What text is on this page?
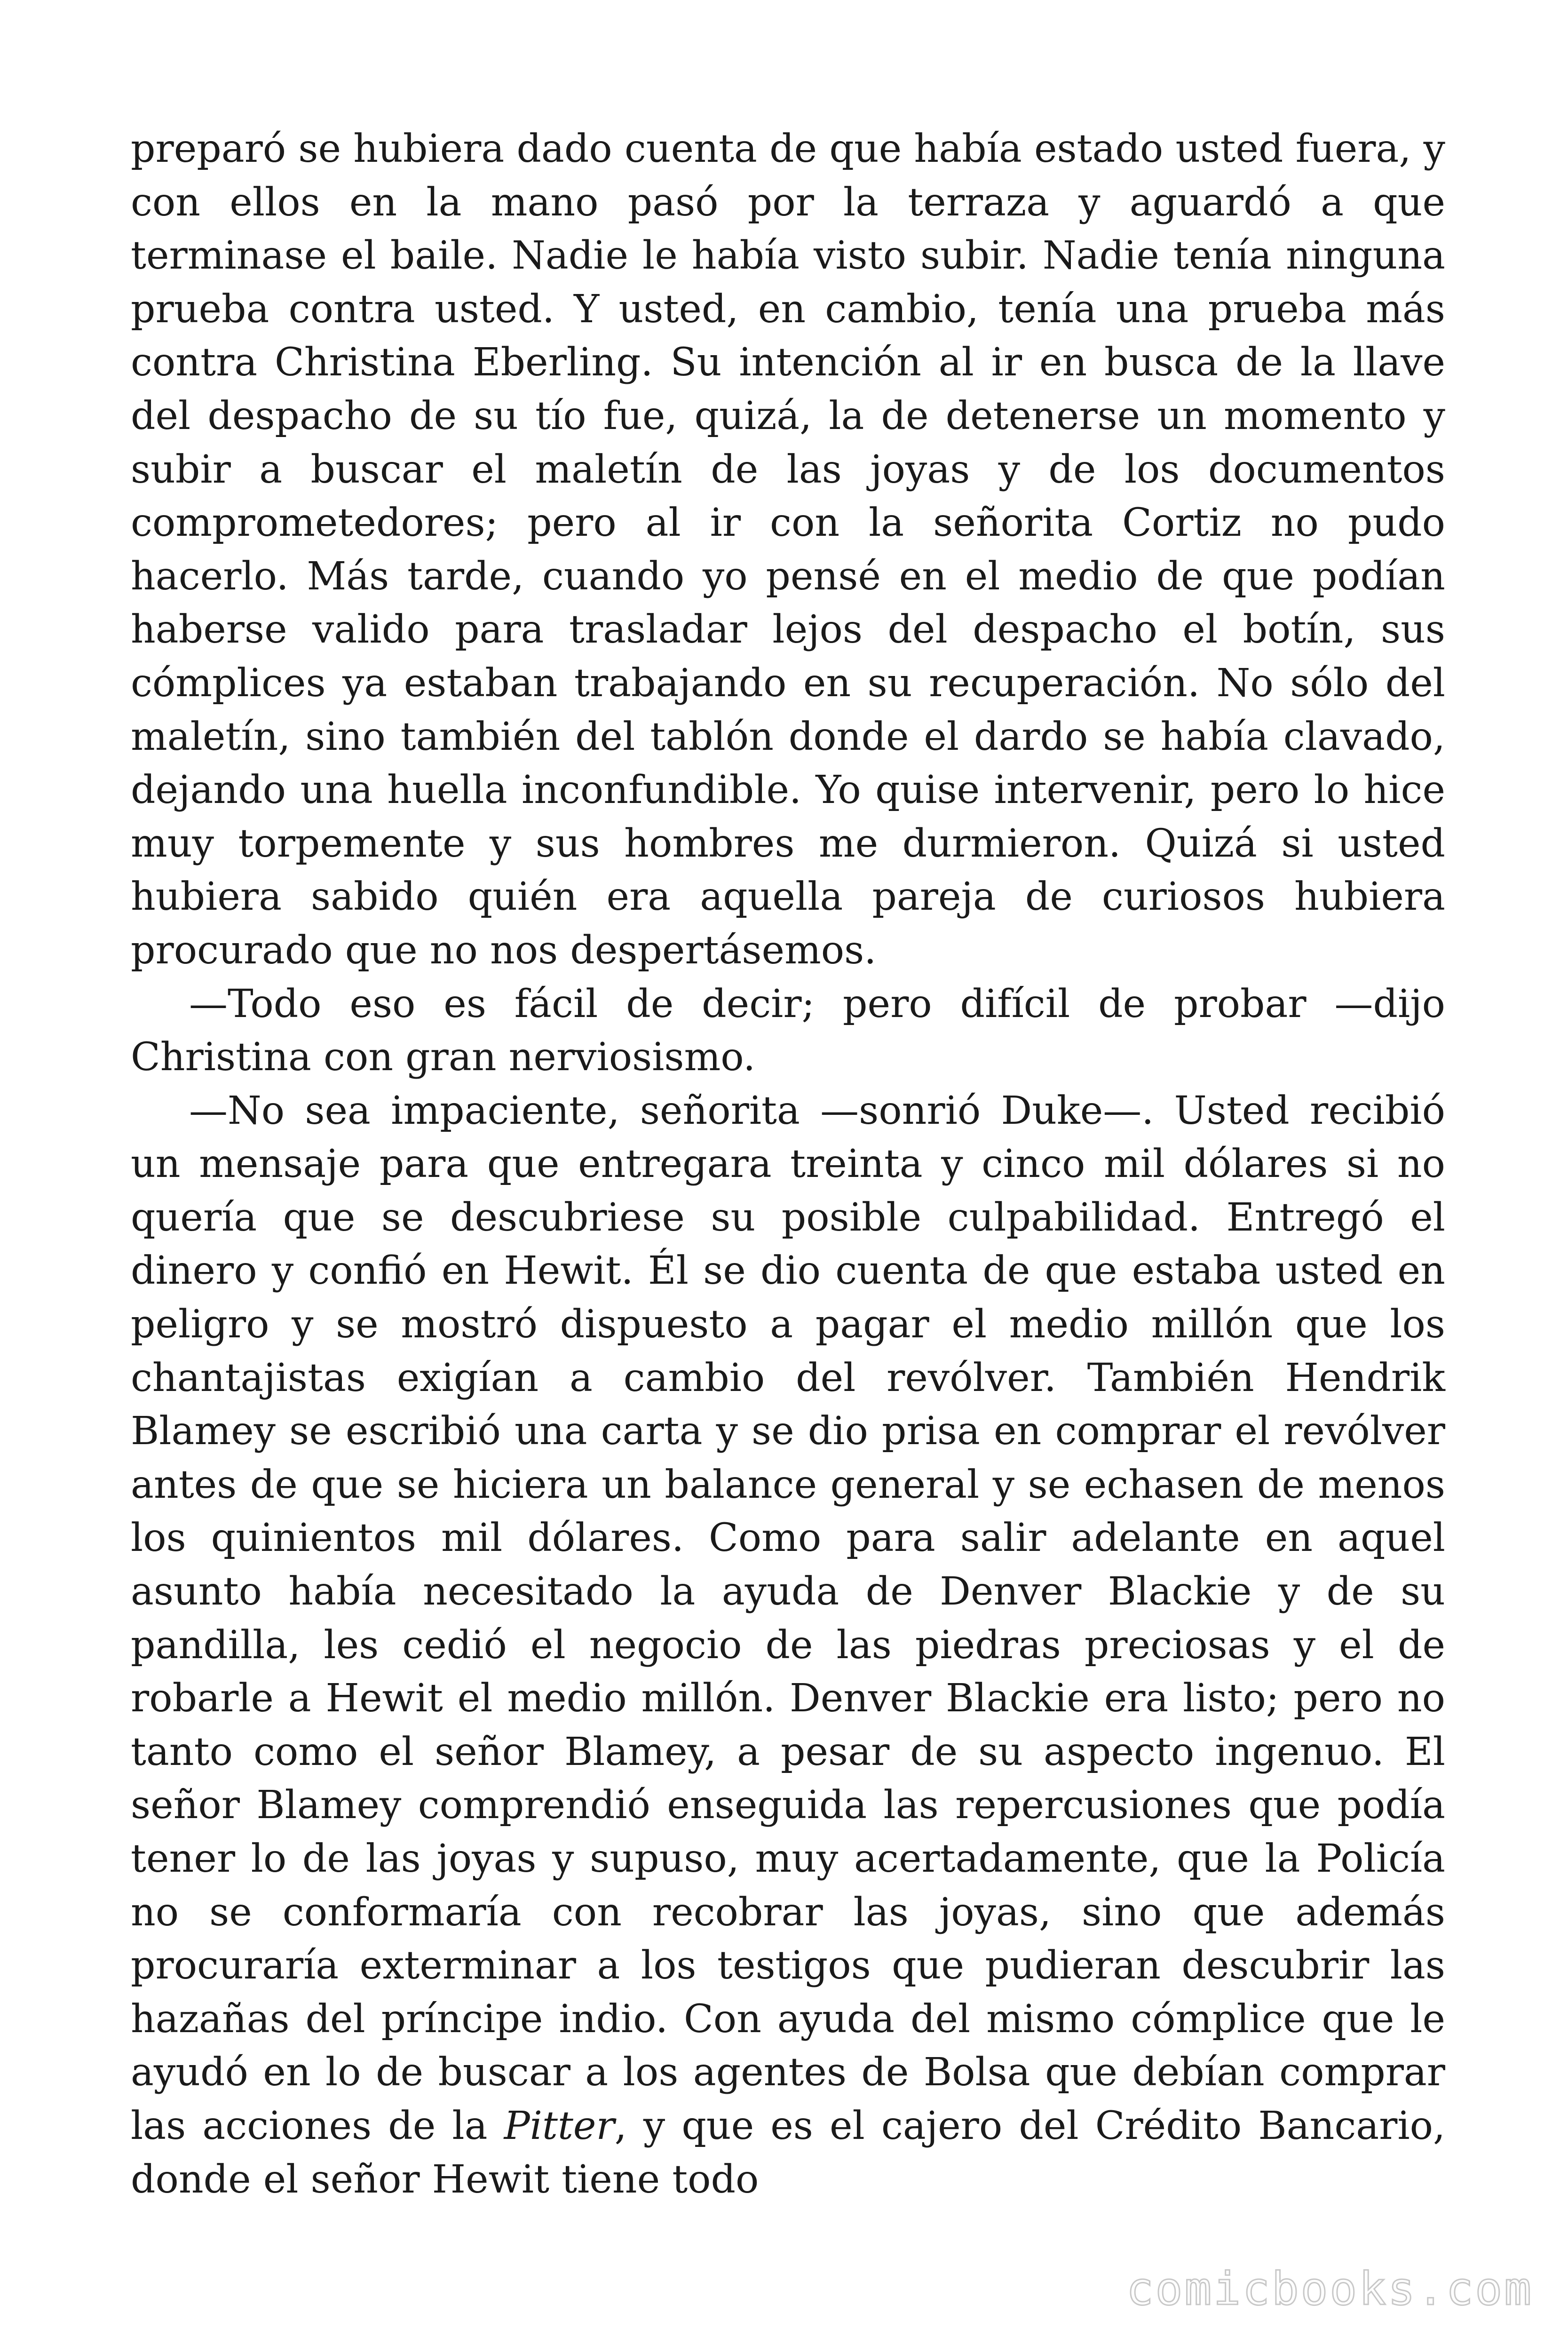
preparó se hubiera dado cuenta de que había estado usted fuera, y con ellos en la mano pasó por la terraza y aguardó a que terminase el baile. Nadie le había visto subir. Nadie tenía ninguna prueba contra usted. Y usted, en cambio, tenía una prueba más contra Christina Eberling. Su intención al ir en busca de la llave del despacho de su tío fue, quizá, la de detenerse un momento y subir a buscar el maletín de las joyas y de los documentos comprometedores; pero al ir con la señorita Cortiz no pudo hacerlo. Más tarde, cuando yo pensé en el medio de que podían haberse valido para trasladar lejos del despacho el botín, sus cómplices ya estaban trabajando en su recuperación. No sólo del maletín, sino también del tablón donde el dardo se había clavado, dejando una huella inconfundible. Yo quise intervenir, pero lo hice muy torpemente y sus hombres me durmieron. Quizá si usted hubiera sabido quién era aquella pareja de curiosos hubiera procurado que no nos despertásemos.

—Todo eso es fácil de decir; pero difícil de probar —dijo Christina con gran nerviosismo.

—No sea impaciente, señorita —sonrió Duke—. Usted recibió un mensaje para que entregara treinta y cinco mil dólares si no quería que se descubriese su posible culpabilidad. Entregó el dinero y confió en Hewit. Él se dio cuenta de que estaba usted en peligro y se mostró dispuesto a pagar el medio millón que los chantajistas exigían a cambio del revólver. También Hendrik Blamey se escribió una carta y se dio prisa en comprar el revólver antes de que se hiciera un balance general y se echasen de menos los quinientos mil dólares. Como para salir adelante en aquel asunto había necesitado la ayuda de Denver Blackie y de su pandilla, les cedió el negocio de las piedras preciosas y el de robarle a Hewit el medio millón. Denver Blackie era listo; pero no tanto como el señor Blamey, a pesar de su aspecto ingenuo. El señor Blamey comprendió enseguida las repercusiones que podía tener lo de las joyas y supuso, muy acertadamente, que la Policía no se conformaría con recobrar las joyas, sino que además procuraría exterminar a los testigos que pudieran descubrir las hazañas del príncipe indio. Con ayuda del mismo cómplice que le ayudó en lo de buscar a los agentes de Bolsa que debían comprar las acciones de la Pitter, y que es el cajero del Crédito Bancario, donde el señor Hewit tiene todo

comicbooks.com
